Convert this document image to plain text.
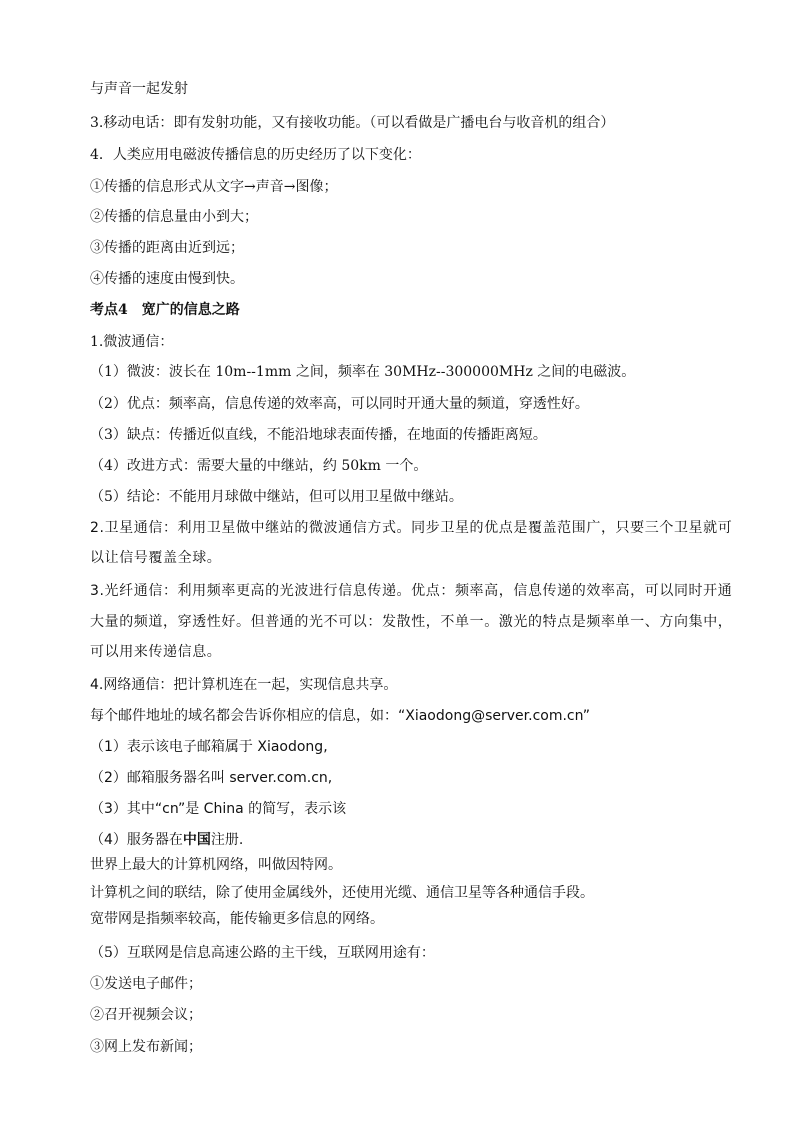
与声音一起发射

3.移动电话：即有发射功能，又有接收功能。（可以看做是广播电台与收音机的组合）

4．人类应用电磁波传播信息的历史经历了以下变化：

①传播的信息形式从文字→声音→图像；

②传播的信息量由小到大；

③传播的距离由近到远；

④传播的速度由慢到快。

考点4　宽广的信息之路

1.微波通信：

（1）微波：波长在 10m--1mm 之间，频率在 30MHz--300000MHz 之间的电磁波。

（2）优点：频率高，信息传递的效率高，可以同时开通大量的频道，穿透性好。

（3）缺点：传播近似直线，不能沿地球表面传播，在地面的传播距离短。

（4）改进方式：需要大量的中继站，约 50km 一个。

（5）结论：不能用月球做中继站，但可以用卫星做中继站。

2.卫星通信：利用卫星做中继站的微波通信方式。同步卫星的优点是覆盖范围广，只要三个卫星就可

以让信号覆盖全球。

3.光纤通信：利用频率更高的光波进行信息传递。优点：频率高，信息传递的效率高，可以同时开通

大量的频道，穿透性好。但普通的光不可以：发散性，不单一。激光的特点是频率单一、方向集中，

可以用来传递信息。

4.网络通信：把计算机连在一起，实现信息共享。

每个邮件地址的域名都会告诉你相应的信息，如：“Xiaodong@server.com.cn”

（1）表示该电子邮箱属于 Xiaodong,

（2）邮箱服务器名叫 server.com.cn,

（3）其中“cn”是 China 的简写，表示该

（4）服务器在中国注册.

世界上最大的计算机网络，叫做因特网。

计算机之间的联结，除了使用金属线外，还使用光缆、通信卫星等各种通信手段。

宽带网是指频率较高，能传输更多信息的网络。

（5）互联网是信息高速公路的主干线，互联网用途有：

①发送电子邮件；

②召开视频会议；

③网上发布新闻；
